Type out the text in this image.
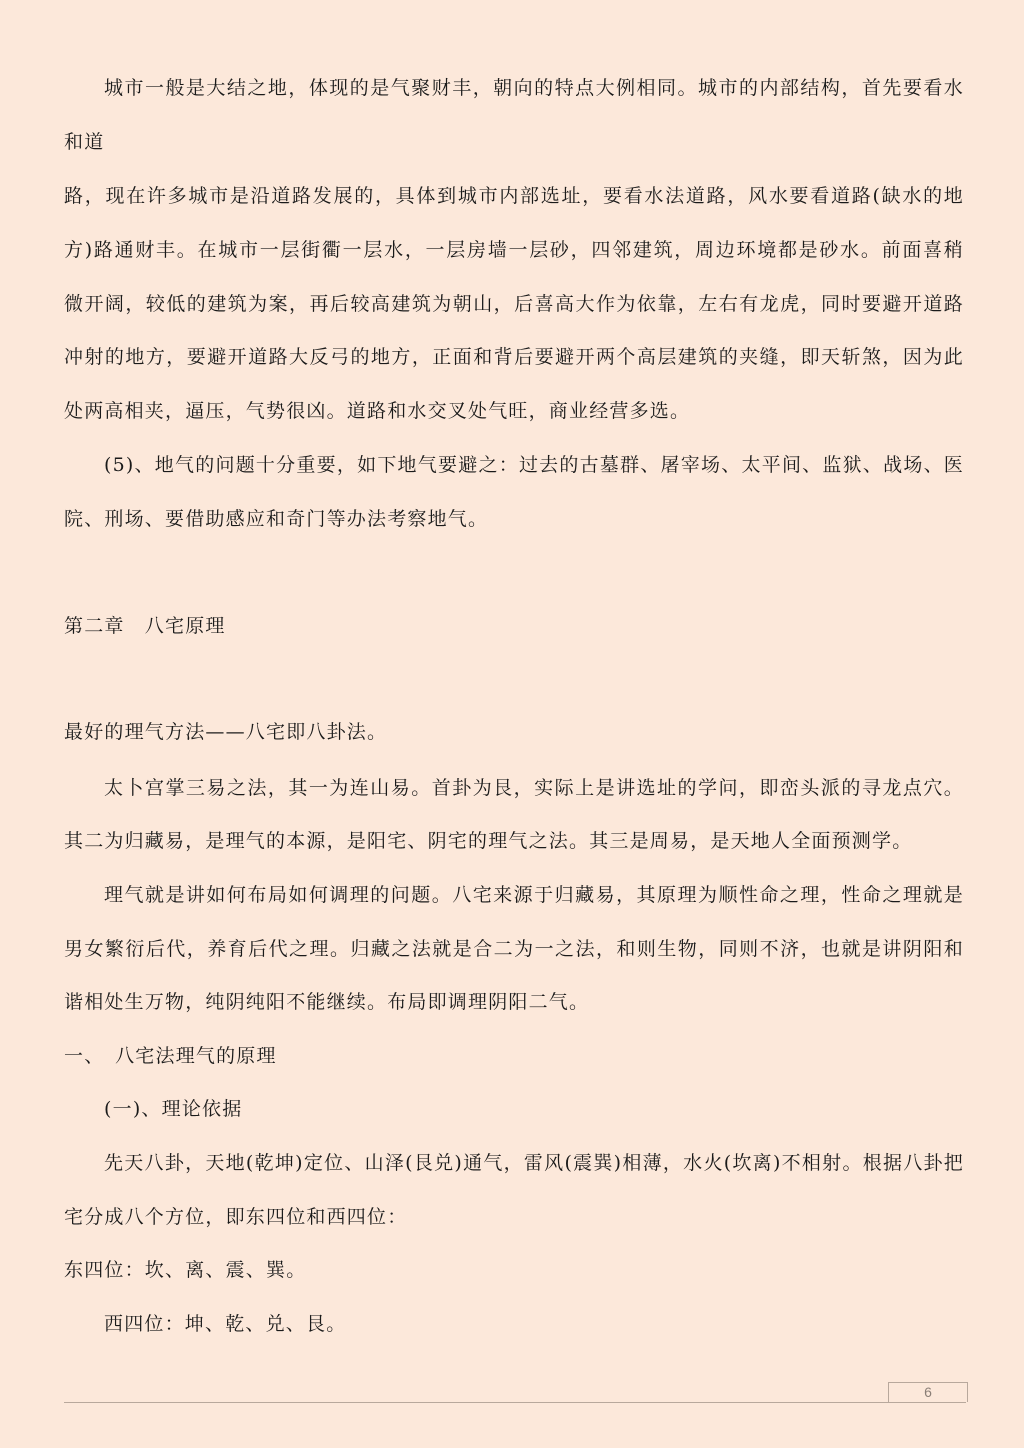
城市一般是大结之地，体现的是气聚财丰，朝向的特点大例相同。城市的内部结构，首先要看水
和道
路，现在许多城市是沿道路发展的，具体到城市内部选址，要看水法道路，风水要看道路(缺水的地
方)路通财丰。在城市一层街衢一层水，一层房墙一层砂，四邻建筑，周边环境都是砂水。前面喜稍
微开阔，较低的建筑为案，再后较高建筑为朝山，后喜高大作为依靠，左右有龙虎，同时要避开道路
冲射的地方，要避开道路大反弓的地方，正面和背后要避开两个高层建筑的夹缝，即天斩煞，因为此
处两高相夹，逼压，气势很凶。道路和水交叉处气旺，商业经营多选。
(5)、地气的问题十分重要，如下地气要避之：过去的古墓群、屠宰场、太平间、监狱、战场、医
院、刑场、要借助感应和奇门等办法考察地气。
第二章　八宅原理
最好的理气方法——八宅即八卦法。
太卜宫掌三易之法，其一为连山易。首卦为艮，实际上是讲选址的学问，即峦头派的寻龙点穴。
其二为归藏易，是理气的本源，是阳宅、阴宅的理气之法。其三是周易，是天地人全面预测学。
理气就是讲如何布局如何调理的问题。八宅来源于归藏易，其原理为顺性命之理，性命之理就是
男女繁衍后代，养育后代之理。归藏之法就是合二为一之法，和则生物，同则不济，也就是讲阴阳和
谐相处生万物，纯阴纯阳不能继续。布局即调理阴阳二气。
一、　八宅法理气的原理
(一)、理论依据
先天八卦，天地(乾坤)定位、山泽(艮兑)通气，雷风(震巽)相薄，水火(坎离)不相射。根据八卦把
宅分成八个方位，即东四位和西四位：
东四位：坎、离、震、巽。
西四位：坤、乾、兑、艮。
6
